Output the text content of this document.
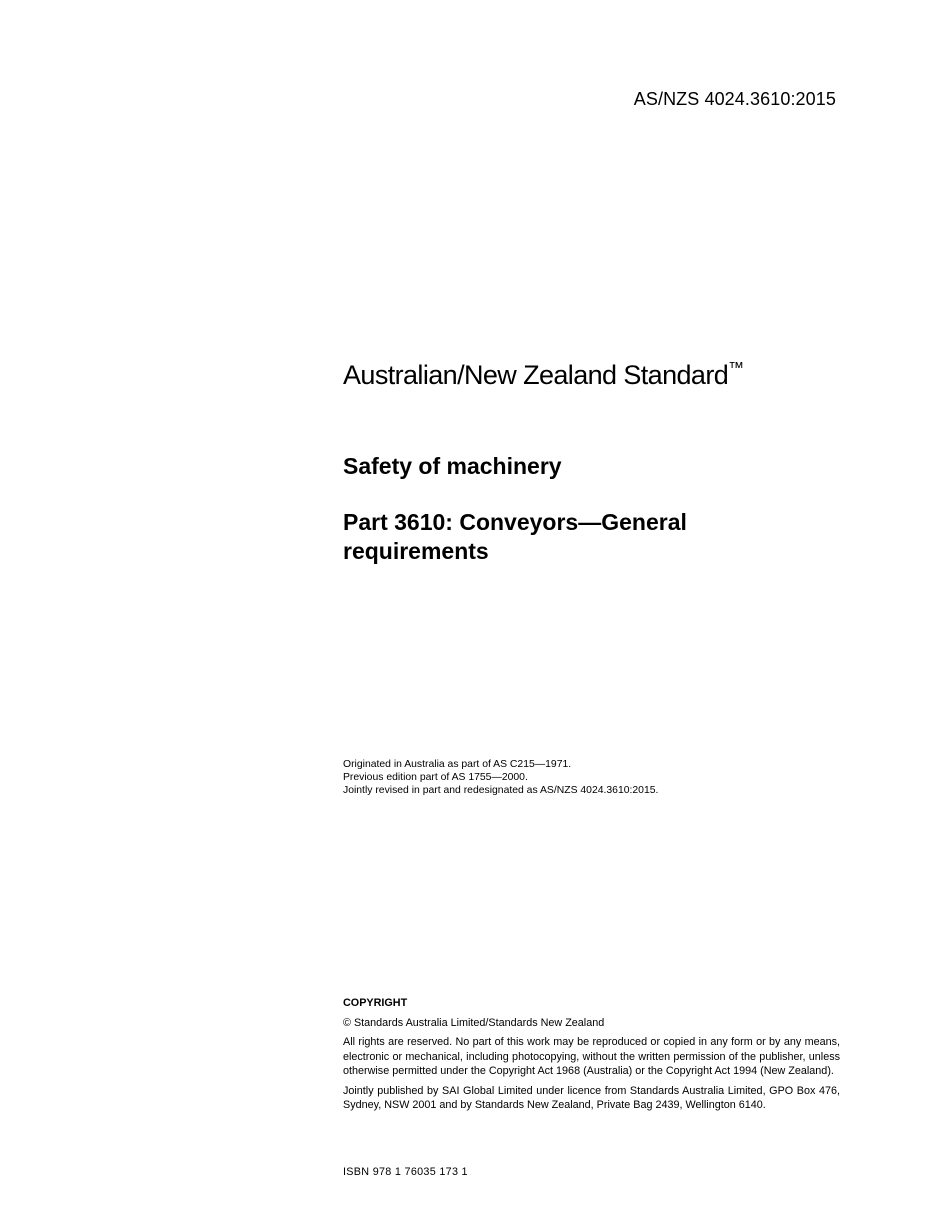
AS/NZS 4024.3610:2015
Australian/New Zealand Standard™
Safety of machinery
Part 3610: Conveyors—General requirements
Originated in Australia as part of AS C215—1971.
Previous edition part of AS 1755—2000.
Jointly revised in part and redesignated as AS/NZS 4024.3610:2015.
COPYRIGHT
© Standards Australia Limited/Standards New Zealand
All rights are reserved. No part of this work may be reproduced or copied in any form or by any means, electronic or mechanical, including photocopying, without the written permission of the publisher, unless otherwise permitted under the Copyright Act 1968 (Australia) or the Copyright Act 1994 (New Zealand).
Jointly published by SAI Global Limited under licence from Standards Australia Limited, GPO Box 476, Sydney, NSW 2001 and by Standards New Zealand, Private Bag 2439, Wellington 6140.
ISBN 978 1 76035 173 1
